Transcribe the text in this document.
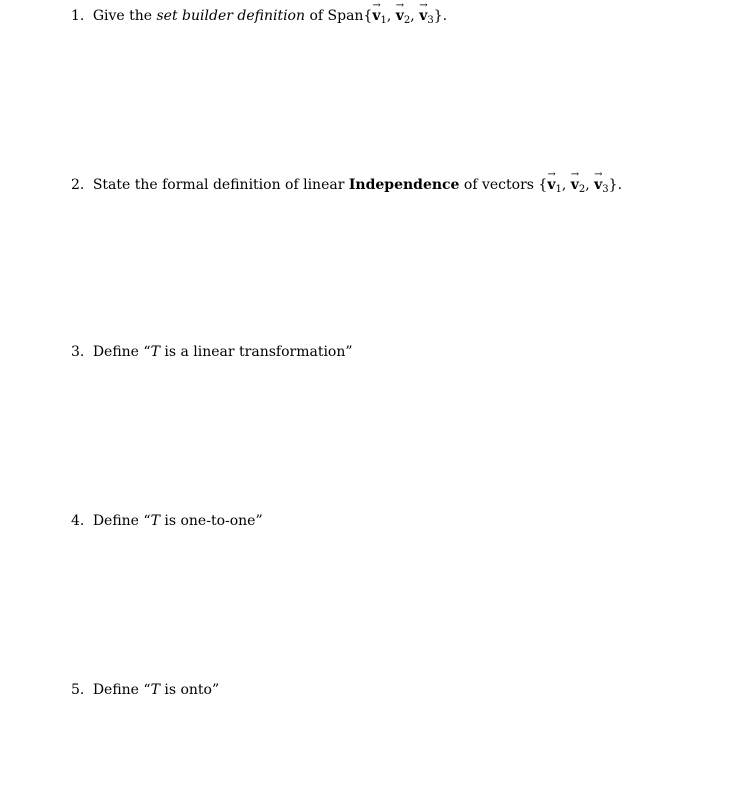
1. Give the set builder definition of Span{→ $v_1$, → $v_2$, → $v_3$}.
2. State the formal definition of linear Independence of vectors {→ $v_1$, → $v_2$, → $v_3$}.
3. Define “T is a linear transformation”
4. Define “T is one-to-one”
5. Define “T is onto”
